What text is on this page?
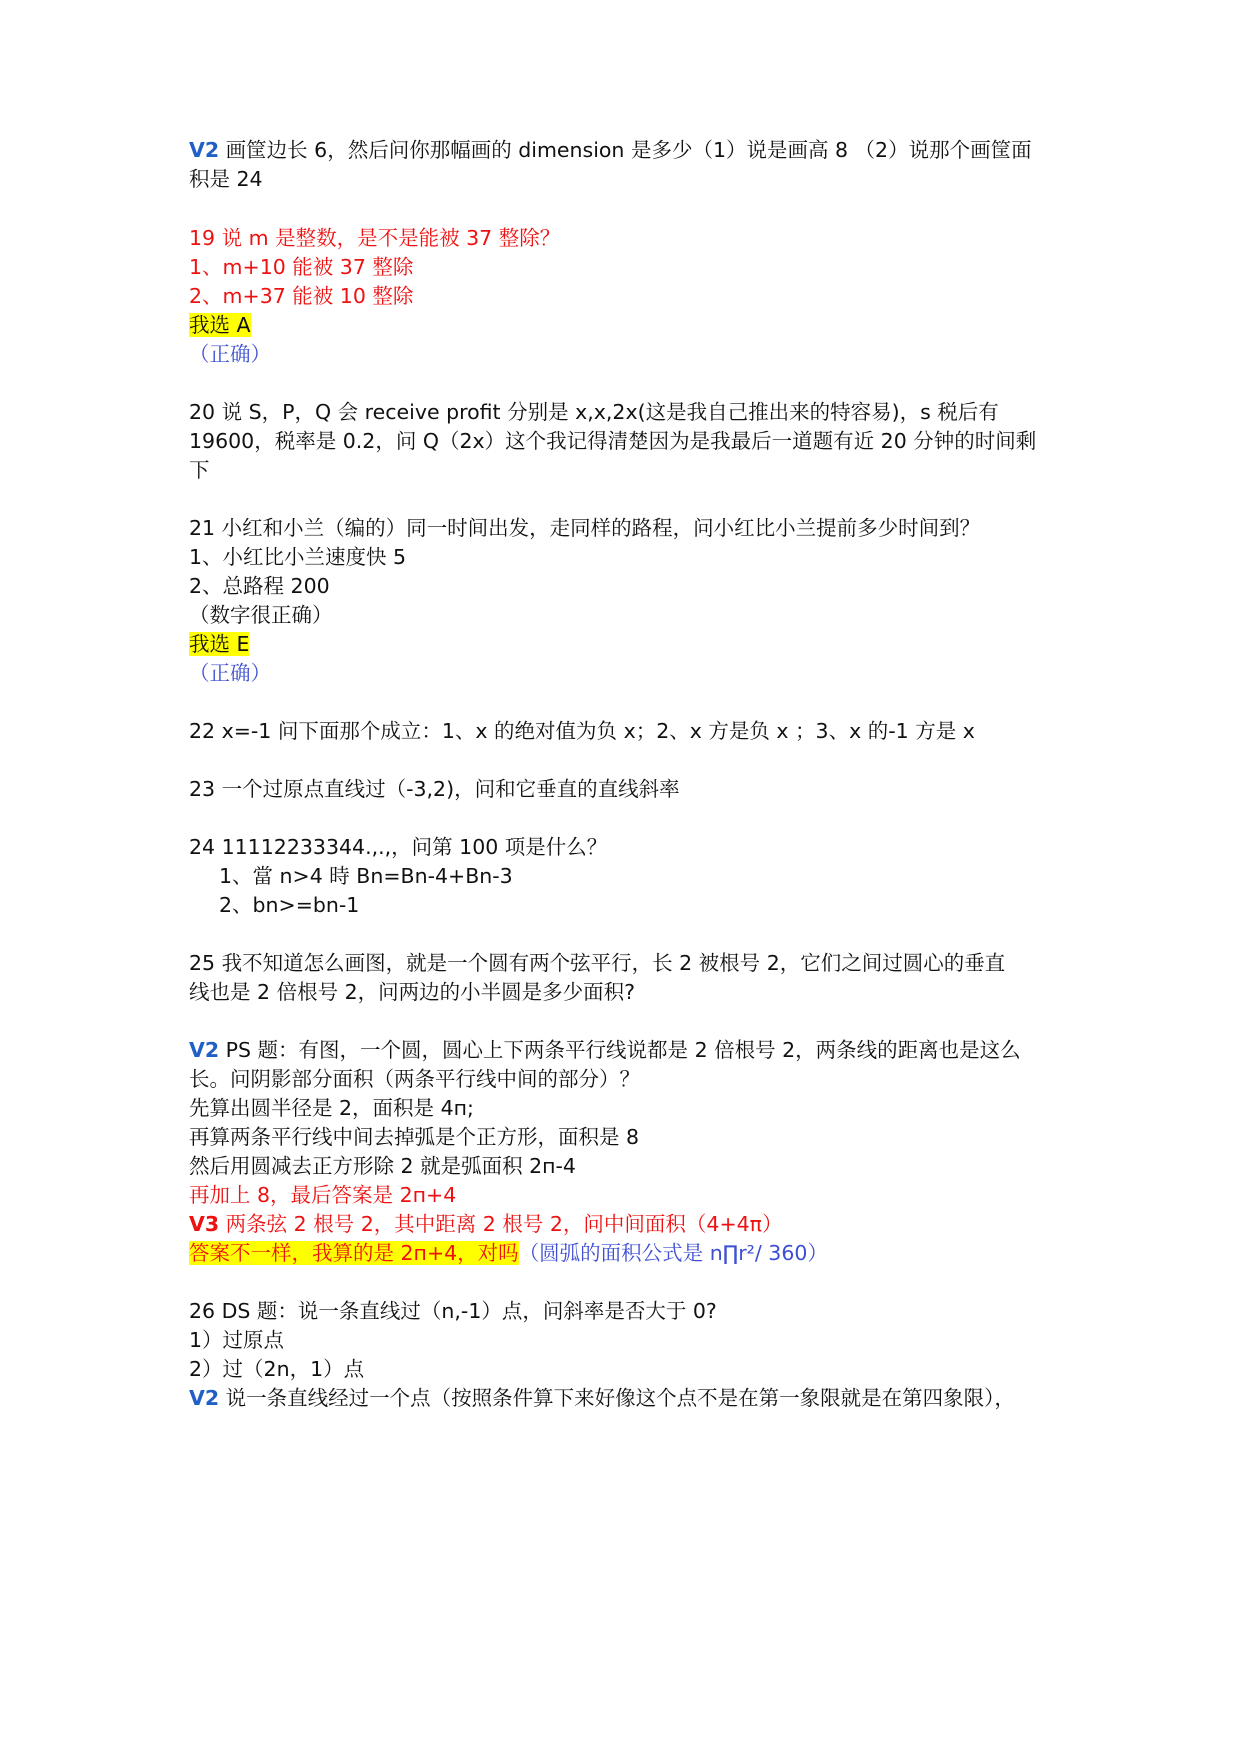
V2 画筐边长 6，然后问你那幅画的 dimension 是多少（1）说是画高 8 （2）说那个画筐面
积是 24
19 说 m 是整数，是不是能被 37 整除？
1、m+10 能被 37 整除
2、m+37 能被 10 整除
我选 A
（正确）
20 说 S，P，Q 会 receive profit 分别是 x,x,2x(这是我自己推出来的特容易)，s 税后有
19600，税率是 0.2，问 Q（2x）这个我记得清楚因为是我最后一道题有近 20 分钟的时间剩
下
21 小红和小兰（编的）同一时间出发，走同样的路程，问小红比小兰提前多少时间到？
1、小红比小兰速度快 5
2、总路程 200
（数字很正确）
我选 E
（正确）
22 x=-1 问下面那个成立：1、x 的绝对值为负 x；2、x 方是负 x ；3、x 的-1 方是 x
23 一个过原点直线过（-3,2)，问和它垂直的直线斜率
24 11112233344.,.,，问第 100 项是什么？
1、當 n>4 時 Bn=Bn-4+Bn-3
2、bn>=bn-1
25 我不知道怎么画图，就是一个圆有两个弦平行，长 2 被根号 2，它们之间过圆心的垂直
线也是 2 倍根号 2，问两边的小半圆是多少面积?
V2 PS 题：有图，一个圆，圆心上下两条平行线说都是 2 倍根号 2，两条线的距离也是这么
长。问阴影部分面积（两条平行线中间的部分）？
先算出圆半径是 2，面积是 4п;
再算两条平行线中间去掉弧是个正方形，面积是 8
然后用圆减去正方形除 2 就是弧面积 2п-4
再加上 8，最后答案是 2п+4
V3 两条弦 2 根号 2，其中距离 2 根号 2，问中间面积（4+4π）
答案不一样，我算的是 2п+4，对吗（圆弧的面积公式是 n∏r²/ 360）
26 DS 题：说一条直线过（n,-1）点，问斜率是否大于 0?
1）过原点
2）过（2n，1）点
V2 说一条直线经过一个点（按照条件算下来好像这个点不是在第一象限就是在第四象限），
